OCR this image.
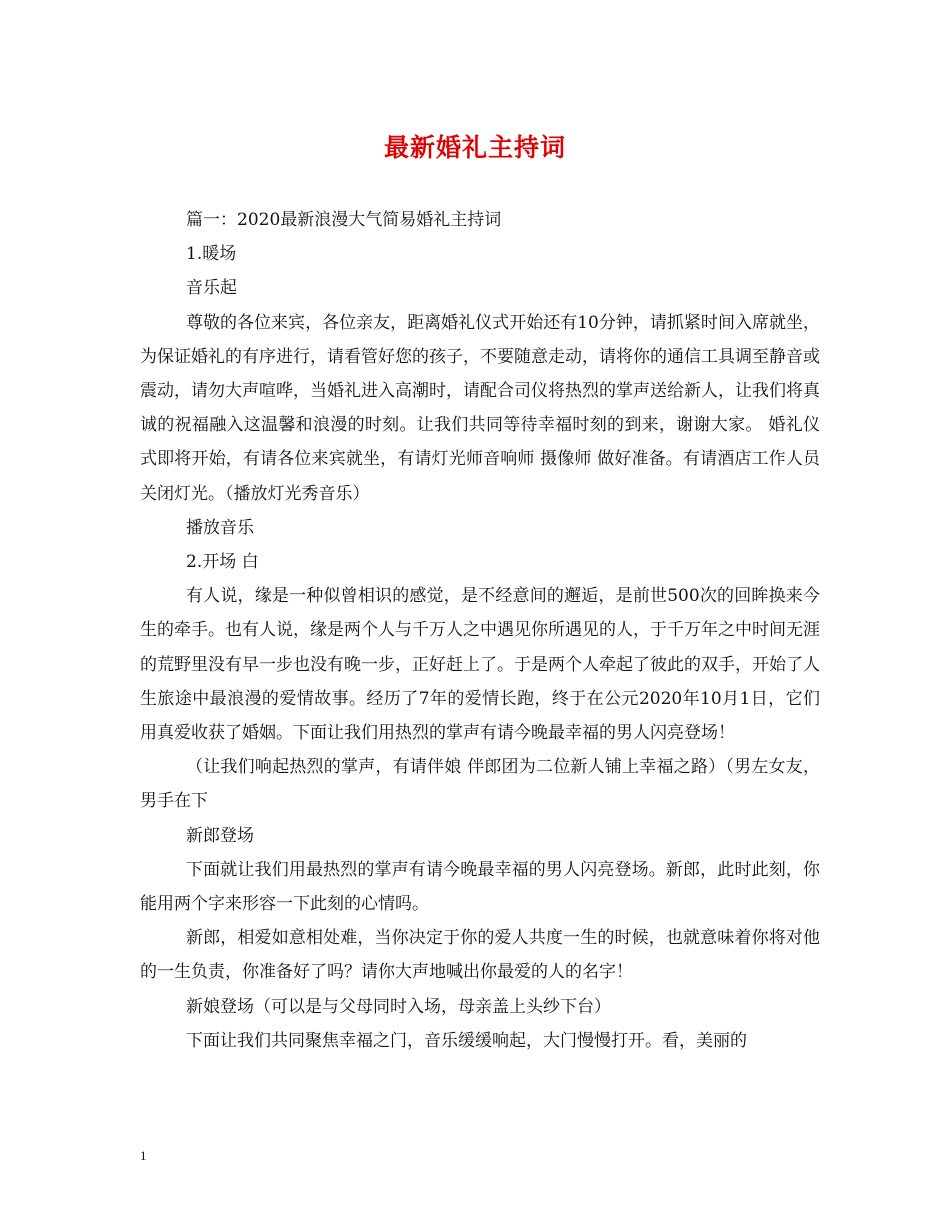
最新婚礼主持词

篇一：2020最新浪漫大气简易婚礼主持词

1.暖场

音乐起

尊敬的各位来宾，各位亲友，距离婚礼仪式开始还有10分钟，请抓紧时间入席就坐，为保证婚礼的有序进行，请看管好您的孩子，不要随意走动，请将你的通信工具调至静音或震动，请勿大声喧哗，当婚礼进入高潮时，请配合司仪将热烈的掌声送给新人，让我们将真诚的祝福融入这温馨和浪漫的时刻。让我们共同等待幸福时刻的到来，谢谢大家。 婚礼仪式即将开始，有请各位来宾就坐，有请灯光师音响师 摄像师 做好准备。有请酒店工作人员关闭灯光。（播放灯光秀音乐）

播放音乐

2.开场 白

有人说，缘是一种似曾相识的感觉，是不经意间的邂逅，是前世500次的回眸换来今生的牵手。也有人说，缘是两个人与千万人之中遇见你所遇见的人，于千万年之中时间无涯 的荒野里没有早一步也没有晚一步，正好赶上了。于是两个人牵起了彼此的双手，开始了人生旅途中最浪漫的爱情故事。经历了7年的爱情长跑，终于在公元2020年10月1日，它们用真爱收获了婚姻。下面让我们用热烈的掌声有请今晚最幸福的男人闪亮登场！

（让我们响起热烈的掌声，有请伴娘 伴郎团为二位新人铺上幸福之路）（男左女友，男手在下

新郎登场

下面就让我们用最热烈的掌声有请今晚最幸福的男人闪亮登场。新郎，此时此刻，你能用两个字来形容一下此刻的心情吗。

新郎，相爱如意相处难，当你决定于你的爱人共度一生的时候，也就意味着你将对他的一生负责，你准备好了吗？请你大声地喊出你最爱的人的名字！

新娘登场（可以是与父母同时入场，母亲盖上头纱下台）

下面让我们共同聚焦幸福之门，音乐缓缓响起，大门慢慢打开。看，美丽的

1
